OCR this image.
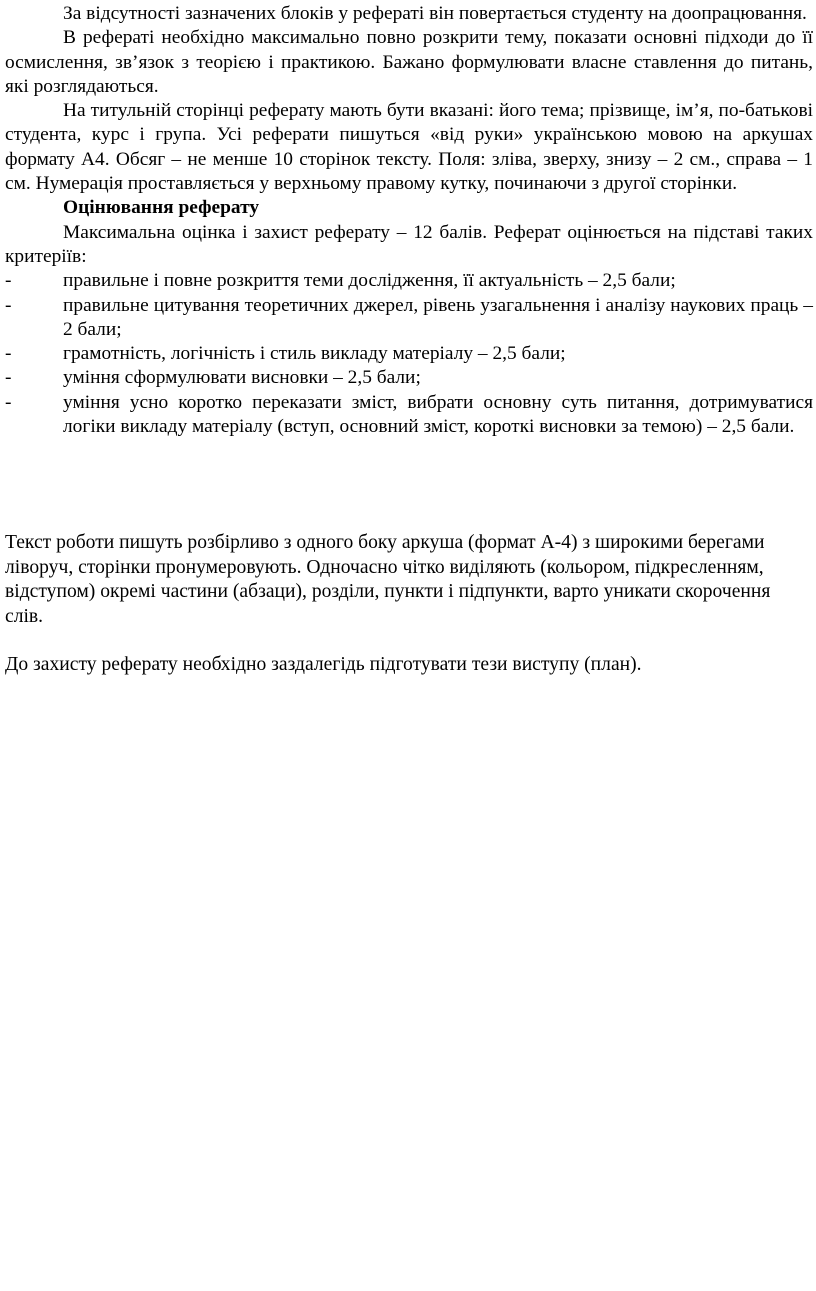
За відсутності зазначених блоків у рефераті він повертається студенту на доопрацювання.

В рефераті необхідно максимально повно розкрити тему, показати основні підходи до її осмислення, зв’язок з теорією і практикою. Бажано формулювати власне ставлення до питань, які розглядаються.

На титульній сторінці реферату мають бути вказані: його тема; прізвище, ім’я, по-батькові студента, курс і група. Усі реферати пишуться «від руки» українською мовою на аркушах формату А4. Обсяг – не менше 10 сторінок тексту. Поля: зліва, зверху, знизу – 2 см., справа – 1 см. Нумерація проставляється у верхньому правому кутку, починаючи з другої сторінки.

Оцінювання реферату

Максимальна оцінка і захист реферату – 12 балів. Реферат оцінюється на підставі таких критеріїв:

-	правильне і повне розкриття теми дослідження, її актуальність – 2,5 бали;
-	правильне цитування теоретичних джерел, рівень узагальнення і аналізу наукових праць – 2 бали;
-	грамотність, логічність і стиль викладу матеріалу – 2,5 бали;
-	уміння сформулювати висновки – 2,5 бали;
-	уміння усно коротко переказати зміст, вибрати основну суть питання, дотримуватися логіки викладу матеріалу (вступ, основний зміст, короткі висновки за темою) – 2,5 бали.

Текст роботи пишуть розбірливо з одного боку аркуша (формат А-4) з широкими берегами ліворуч, сторінки пронумеровують. Одночасно чітко виділяють (кольором, підкресленням, відступом) окремі частини (абзаци), розділи, пункти і підпункти, варто уникати скорочення слів.

До захисту реферату необхідно заздалегідь підготувати тези виступу (план).
